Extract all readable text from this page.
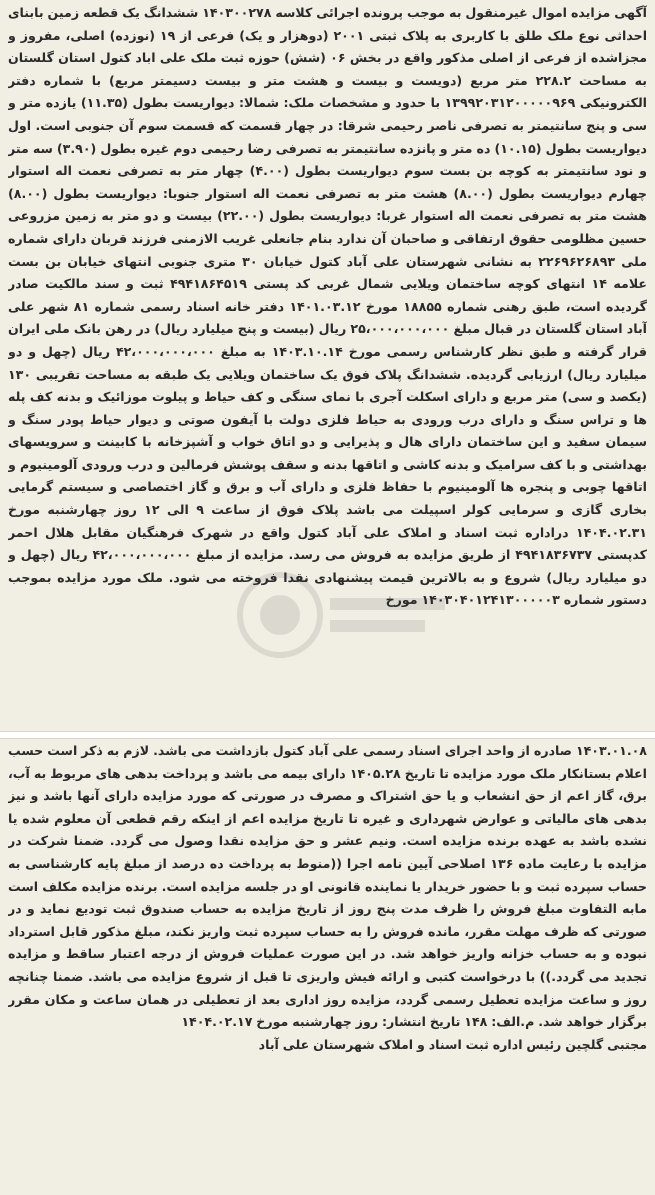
آگهی مزایده اموال غیرمنقول به موجب پرونده اجرائی کلاسه ۱۴۰۳۰۰۲۷۸ ششدانگ یک قطعه زمین بابنای احداثی نوع ملک طلق با کاربری به پلاک ثبتی ۲۰۰۱ (دوهزار و یک) فرعی از ۱۹ (نوزده) اصلی، مفروز و مجزاشده از فرعی از اصلی مذکور واقع در بخش ۰۶ (شش) حوزه ثبت ملک علی اباد کتول استان گلستان به مساحت ۲۲۸.۲ متر مربع (دویست و بیست و هشت متر و بیست دسیمتر مربع) با شماره دفتر الکترونیکی ۱۳۹۹۲۰۳۱۲۰۰۰۰۰۹۶۹ با حدود و مشخصات ملک: شمالا: دیواریست بطول (۱۱.۳۵) یازده متر و سی و پنج سانتیمتر به تصرفی ناصر رحیمی شرقا: در چهار قسمت که قسمت سوم آن جنوبی است. اول دیواریست بطول (۱۰.۱۵) ده متر و پانزده سانتیمتر به تصرفی رضا رحیمی دوم غیره بطول (۳.۹۰) سه متر و نود سانتیمتر به کوچه بن بست سوم دیواریست بطول (۴.۰۰) چهار متر به تصرفی نعمت اله استوار چهارم دیواریست بطول (۸.۰۰) هشت متر به تصرفی نعمت اله استوار جنوبا: دیواریست بطول (۸.۰۰) هشت متر به تصرفی نعمت اله استوار غربا: دیواریست بطول (۲۲.۰۰) بیست و دو متر به زمین مزروعی حسین مظلومی حقوق ارتفاقی و صاحبان آن ندارد بنام جانعلی غریب الازمنی فرزند قربان دارای شماره ملی ۲۲۶۹۶۲۶۸۹۳ به نشانی شهرستان علی آباد کتول خیابان ۳۰ متری جنوبی انتهای خیابان بن بست علامه ۱۴ انتهای کوچه ساختمان ویلایی شمال غربی کد پستی ۴۹۴۱۸۶۴۵۱۹ ثبت و سند مالکیت صادر گردیده است، طبق رهنی شماره ۱۸۸۵۵ مورخ ۱۴۰۱.۰۳.۱۲ دفتر خانه اسناد رسمی شماره ۸۱ شهر علی آباد استان گلستان در قبال مبلغ ۲۵،۰۰۰،۰۰۰،۰۰۰ ریال (بیست و پنج میلیارد ریال) در رهن بانک ملی ایران قرار گرفته و طبق نظر کارشناس رسمی مورخ ۱۴۰۳.۱۰.۱۴ به مبلغ ۴۲،۰۰۰،۰۰۰،۰۰۰ ریال (چهل و دو میلیارد ریال) ارزیابی گردیده. ششدانگ پلاک فوق یک ساختمان ویلایی یک طبقه به مساحت تقریبی ۱۳۰ (یکصد و سی) متر مربع و دارای اسکلت آجری با نمای سنگی و کف حیاط و پیلوت موزائیک و بدنه کف پله ها و تراس سنگ و دارای درب ورودی به حیاط فلزی دولت با آیفون صوتی و دیوار حیاط پودر سنگ و سیمان سفید و این ساختمان دارای هال و پذیرایی و دو اتاق خواب و آشپزخانه با کابینت و سرویسهای بهداشتی و با کف سرامیک و بدنه کاشی و اتاقها بدنه و سقف پوشش فرمالین و درب ورودی آلومینیوم و اتاقها چوبی و پنجره ها آلومینیوم با حفاظ فلزی و دارای آب و برق و گاز اختصاصی و سیستم گرمایی بخاری گازی و سرمایی کولر اسپیلت می باشد پلاک فوق از ساعت ۹ الی ۱۲ روز چهارشنبه مورخ ۱۴۰۴.۰۲.۳۱ دراداره ثبت اسناد و املاک علی آباد کتول واقع در شهرک فرهنگیان مقابل هلال احمر کدپستی ۴۹۴۱۸۳۶۷۳۷ از طریق مزایده به فروش می رسد. مزایده از مبلغ ۴۲،۰۰۰،۰۰۰،۰۰۰ ریال (چهل و دو میلیارد ریال) شروع و به بالاترین قیمت پیشنهادی نقدا فروخته می شود. ملک مورد مزایده بموجب دستور شماره ۱۴۰۳۰۴۰۱۲۴۱۳۰۰۰۰۰۳ مورخ

۱۴۰۳.۰۱.۰۸ صادره از واحد اجرای اسناد رسمی علی آباد کتول بازداشت می باشد. لازم به ذکر است حسب اعلام بستانکار ملک مورد مزایده تا تاریخ ۱۴۰۵.۲۸ دارای بیمه می باشد و پرداخت بدهی های مربوط به آب، برق، گاز اعم از حق انشعاب و یا حق اشتراک و مصرف در صورتی که مورد مزایده دارای آنها باشد و نیز بدهی های مالیاتی و عوارض شهرداری و غیره تا تاریخ مزایده اعم از اینکه رقم قطعی آن معلوم شده یا نشده باشد به عهده برنده مزایده است. ونیم عشر و حق مزایده نقدا وصول می گردد. ضمنا شرکت در مزایده با رعایت ماده ۱۳۶ اصلاحی آیین نامه اجرا ((منوط به پرداخت ده درصد از مبلغ پایه کارشناسی به حساب سپرده ثبت و با حضور خریدار یا نماینده قانونی او در جلسه مزایده است. برنده مزایده مکلف است مابه التفاوت مبلغ فروش را ظرف مدت پنج روز از تاریخ مزایده به حساب صندوق ثبت تودیع نماید و در صورتی که ظرف مهلت مقرر، مانده فروش را به حساب سپرده ثبت واریز نکند، مبلغ مذکور قابل استرداد نبوده و به حساب خزانه واریز خواهد شد. در این صورت عملیات فروش از درجه اعتبار ساقط و مزایده تجدید می گردد.)) با درخواست کتبی و ارائه فیش واریزی تا قبل از شروع مزایده می باشد. ضمنا چنانچه روز و ساعت مزایده تعطیل رسمی گردد، مزایده روز اداری بعد از تعطیلی در همان ساعت و مکان مقرر برگزار خواهد شد. م.الف: ۱۴۸ تاریخ انتشار: روز چهارشنبه مورخ ۱۴۰۴.۰۲.۱۷

مجتبی گلچین رئیس اداره ثبت اسناد و املاک شهرستان علی آباد
